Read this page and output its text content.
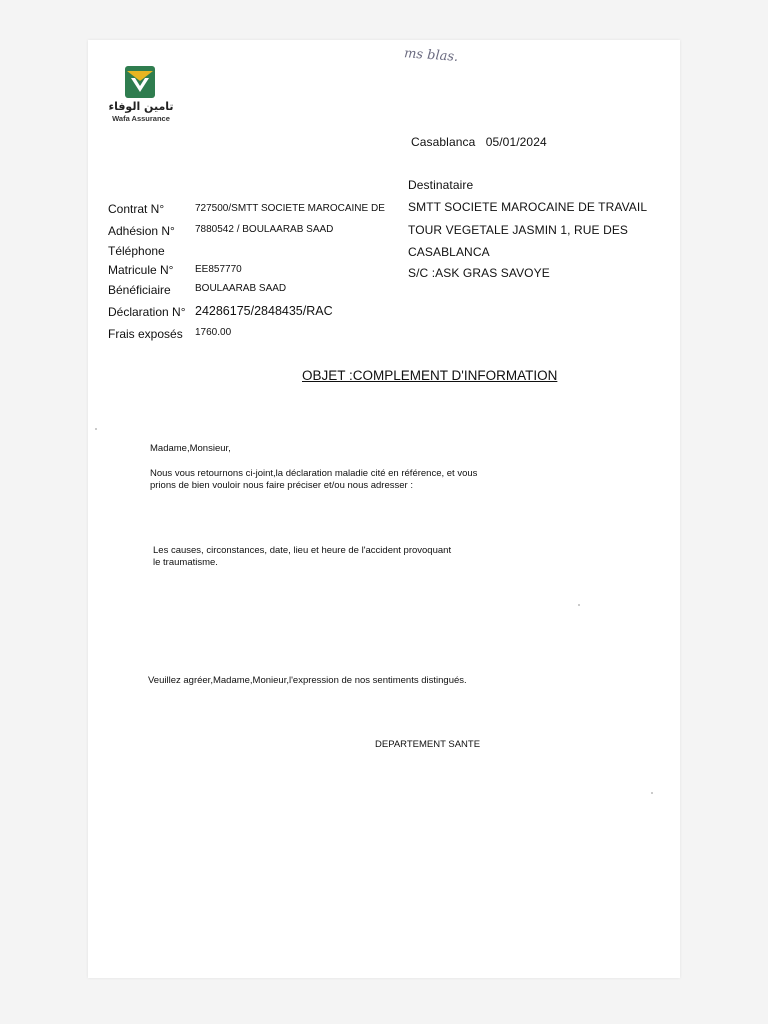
تامين الوفاء
Wafa Assurance
ms blas.
Casablanca 05/01/2024
Destinataire
SMTT SOCIETE MAROCAINE DE TRAVAIL
TOUR VEGETALE JASMIN 1, RUE DES
CASABLANCA
S/C :ASK GRAS SAVOYE
Contrat N°	727500/SMTT SOCIETE MAROCAINE DE
Adhésion N° 7880542 / BOULAARAB SAAD
Téléphone
Matricule N° EE857770
Bénéficiaire BOULAARAB SAAD
Déclaration N° 24286175/2848435/RAC
Frais exposés 1760.00
OBJET :COMPLEMENT D'INFORMATION
Madame,Monsieur,
Nous vous retournons ci-joint,la déclaration maladie cité en référence, et vous
prions de bien vouloir nous faire préciser et/ou nous adresser :
Les causes, circonstances, date, lieu et heure de l'accident provoquant
le traumatisme.
Veuillez agréer,Madame,Monieur,l'expression de nos sentiments distingués.
DEPARTEMENT SANTE
